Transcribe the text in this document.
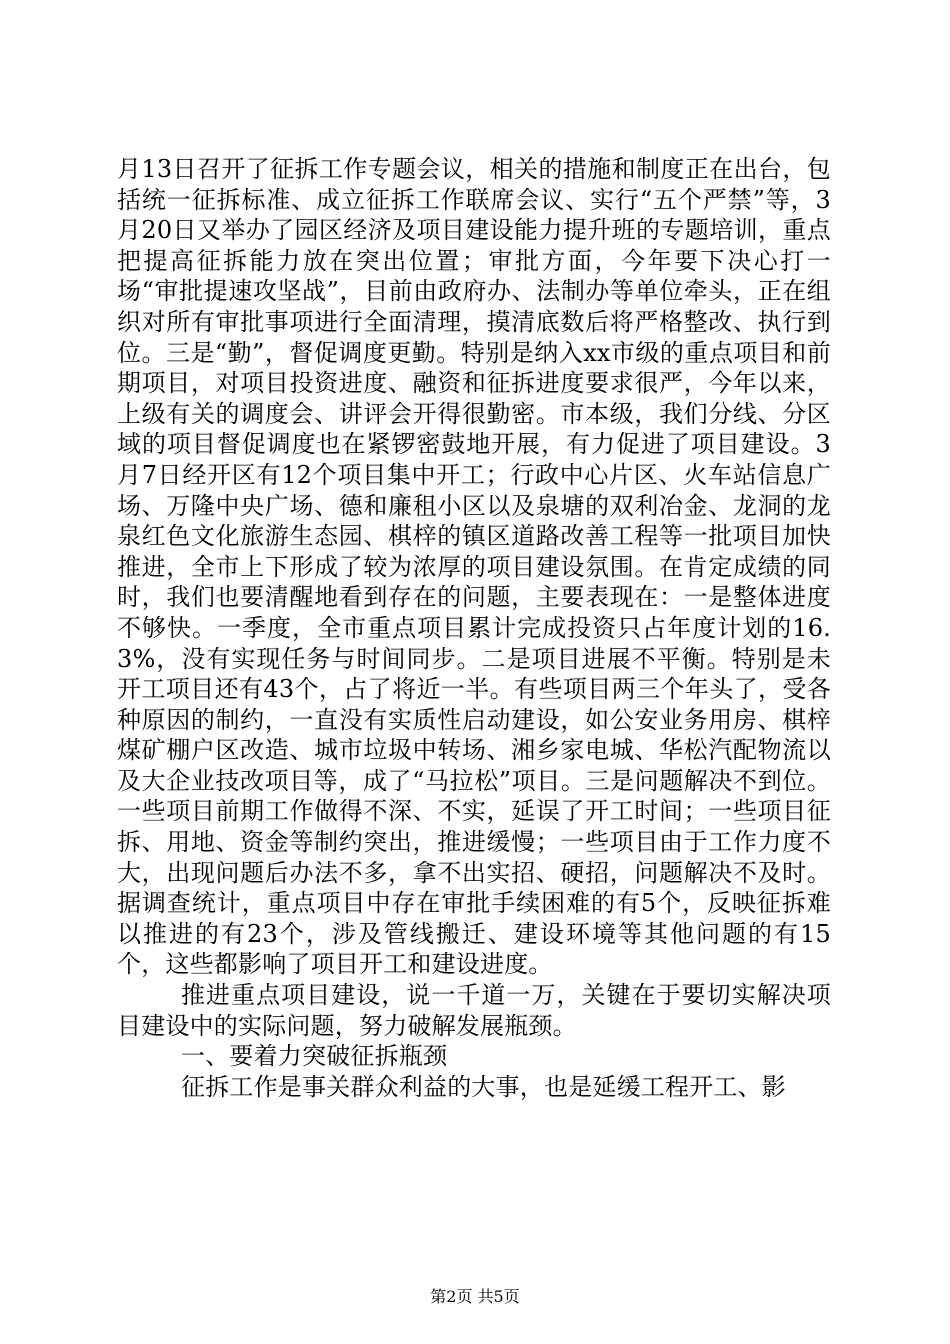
月13日召开了征拆工作专题会议，相关的措施和制度正在出台，包括统一征拆标准、成立征拆工作联席会议、实行“五个严禁”等，3月20日又举办了园区经济及项目建设能力提升班的专题培训，重点把提高征拆能力放在突出位置；审批方面，今年要下决心打一场“审批提速攻坚战”，目前由政府办、法制办等单位牵头，正在组织对所有审批事项进行全面清理，摸清底数后将严格整改、执行到位。三是“勤”，督促调度更勤。特别是纳入xx市级的重点项目和前期项目，对项目投资进度、融资和征拆进度要求很严，今年以来，上级有关的调度会、讲评会开得很勤密。市本级，我们分线、分区域的项目督促调度也在紧锣密鼓地开展，有力促进了项目建设。3月7日经开区有12个项目集中开工；行政中心片区、火车站信息广场、万隆中央广场、德和廉租小区以及泉塘的双利冶金、龙洞的龙泉红色文化旅游生态园、棋梓的镇区道路改善工程等一批项目加快推进，全市上下形成了较为浓厚的项目建设氛围。在肯定成绩的同时，我们也要清醒地看到存在的问题，主要表现在：一是整体进度不够快。一季度，全市重点项目累计完成投资只占年度计划的16.3%，没有实现任务与时间同步。二是项目进展不平衡。特别是未开工项目还有43个，占了将近一半。有些项目两三个年头了，受各种原因的制约，一直没有实质性启动建设，如公安业务用房、棋梓煤矿棚户区改造、城市垃圾中转场、湘乡家电城、华松汽配物流以及大企业技改项目等，成了“马拉松”项目。三是问题解决不到位。一些项目前期工作做得不深、不实，延误了开工时间；一些项目征拆、用地、资金等制约突出，推进缓慢；一些项目由于工作力度不大，出现问题后办法不多，拿不出实招、硬招，问题解决不及时。据调查统计，重点项目中存在审批手续困难的有5个，反映征拆难以推进的有23个，涉及管线搬迁、建设环境等其他问题的有15个，这些都影响了项目开工和建设进度。

推进重点项目建设，说一千道一万，关键在于要切实解决项目建设中的实际问题，努力破解发展瓶颈。

一、要着力突破征拆瓶颈

征拆工作是事关群众利益的大事，也是延缓工程开工、影

第2页 共5页
